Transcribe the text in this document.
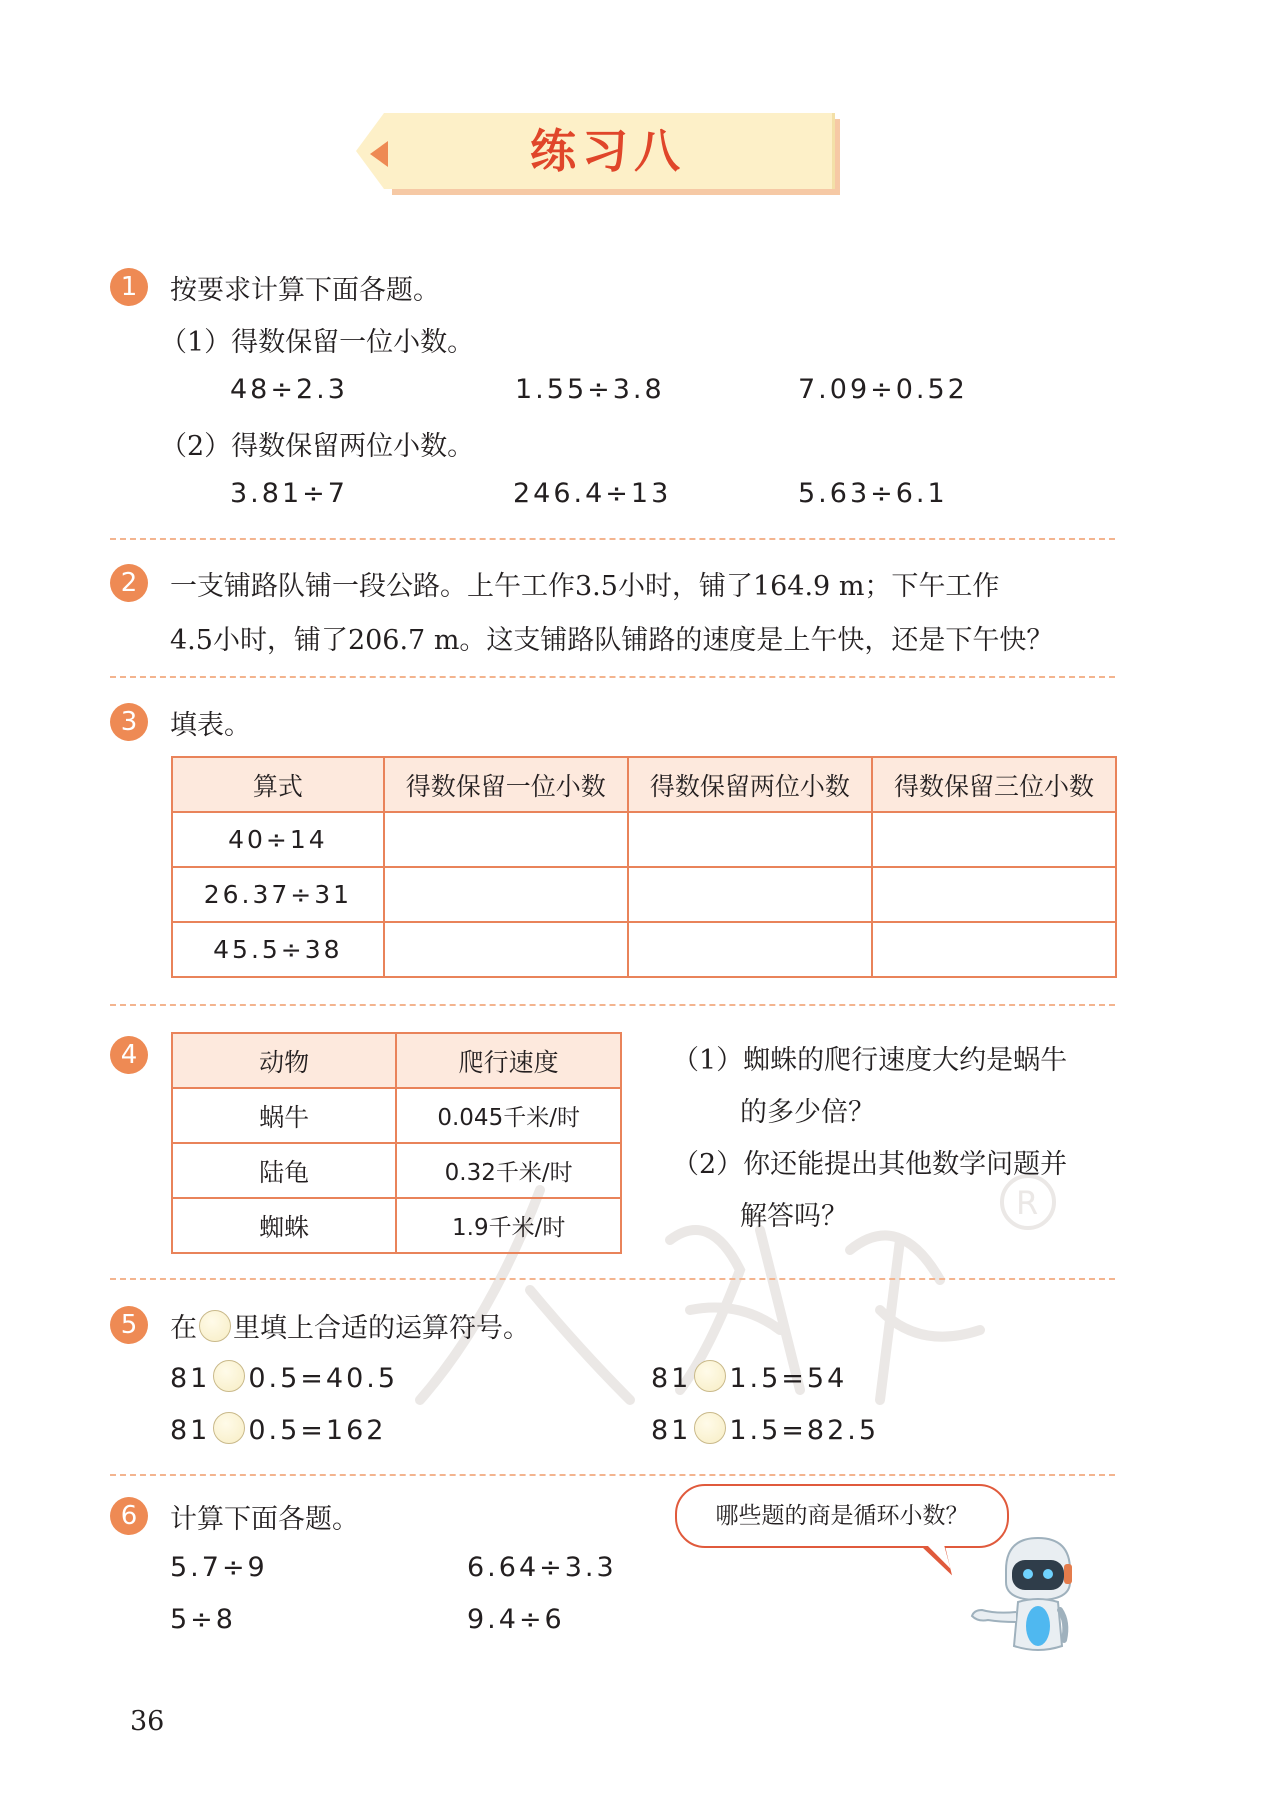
练习八
R
1	按要求计算下面各题。
（1）得数保留一位小数。
48÷2.3	1.55÷3.8	7.09÷0.52
（2）得数保留两位小数。
3.81÷7	246.4÷13	5.63÷6.1
2	一支铺路队铺一段公路。上午工作3.5小时，铺了164.9 m；下午工作
4.5小时，铺了206.7 m。这支铺路队铺路的速度是上午快，还是下午快？
3	填表。
算式	得数保留一位小数	得数保留两位小数	得数保留三位小数
40÷14			
26.37÷31			
45.5÷38			
4	动物	爬行速度
蜗牛	0.045千米/时
陆龟	0.32千米/时
蜘蛛	1.9千米/时
（1）蜘蛛的爬行速度大约是蜗牛
的多少倍？
（2）你还能提出其他数学问题并
解答吗？
5	在 里填上合适的运算符号。
81 0.5=40.5	81 1.5=54
81 0.5=162	81 1.5=82.5
6	计算下面各题。
5.7÷9	6.64÷3.3
5÷8	9.4÷6
哪些题的商是循环小数？
36
